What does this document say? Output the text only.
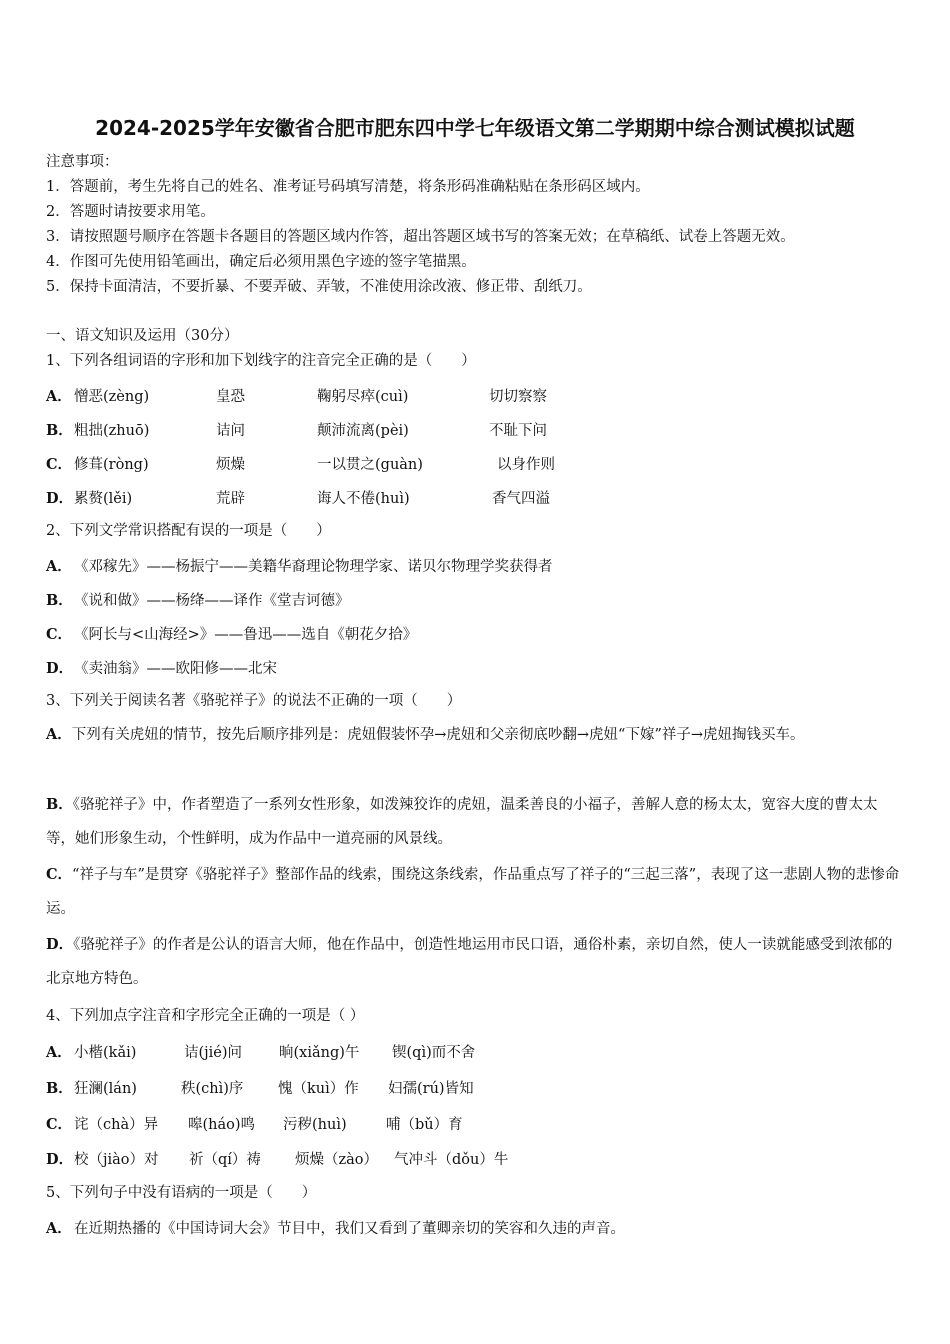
2024-2025学年安徽省合肥市肥东四中学七年级语文第二学期期中综合测试模拟试题
注意事项：
1．答题前，考生先将自己的姓名、准考证号码填写清楚，将条形码准确粘贴在条形码区域内。
2．答题时请按要求用笔。
3．请按照题号顺序在答题卡各题目的答题区域内作答，超出答题区域书写的答案无效；在草稿纸、试卷上答题无效。
4．作图可先使用铅笔画出，确定后必须用黑色字迹的签字笔描黑。
5．保持卡面清洁，不要折暴、不要弄破、弄皱，不准使用涂改液、修正带、刮纸刀。
一、语文知识及运用（30分）
1、下列各组词语的字形和加下划线字的注音完全正确的是（　　）
A． 憎恶(zèng)	皇恐	鞠躬尽瘁(cuì)	切切察察
B． 粗拙(zhuō)	诘问	颠沛流离(pèi)	不耻下问
C． 修葺(ròng)	烦燥	一以贯之(guàn)	以身作则
D． 累赘(lěi)	荒辟	诲人不倦(huì)	香气四溢
2、下列文学常识搭配有误的一项是（　　）
A． 《邓稼先》——杨振宁——美籍华裔理论物理学家、诺贝尔物理学奖获得者
B． 《说和做》——杨绛——译作《堂吉诃德》
C． 《阿长与<山海经>》——鲁迅——选自《朝花夕拾》
D． 《卖油翁》——欧阳修——北宋
3、下列关于阅读名著《骆驼祥子》的说法不正确的一项（　　）
A．下列有关虎妞的情节，按先后顺序排列是：虎妞假装怀孕→虎妞和父亲彻底吵翻→虎妞“下嫁”祥子→虎妞掏钱买车。
B．《骆驼祥子》中，作者塑造了一系列女性形象，如泼辣狡诈的虎妞，温柔善良的小福子，善解人意的杨太太，宽容大度的曹太太等，她们形象生动，个性鲜明，成为作品中一道亮丽的风景线。
C．“祥子与车”是贯穿《骆驼祥子》整部作品的线索，围绕这条线索，作品重点写了祥子的“三起三落”，表现了这一悲剧人物的悲惨命运。
D．《骆驼祥子》的作者是公认的语言大师，他在作品中，创造性地运用市民口语，通俗朴素，亲切自然，使人一读就能感受到浓郁的北京地方特色。
4、下列加点字注音和字形完全正确的一项是（ ）
A． 小楷(kǎi)	诘(jié)问	晌(xiǎng)午 锲(qì)而不舍
B． 狂澜(lán)	秩(chì)序 愧（kuì）作 妇孺(rú)皆知
C． 诧（chà）异 嗥(háo)鸣 污秽(huì)	哺（bǔ）育
D． 校（jiào）对 祈（qí）祷 烦燥（zào） 气冲斗（dǒu）牛
5、下列句子中没有语病的一项是（　　）
A． 在近期热播的《中国诗词大会》节目中，我们又看到了董卿亲切的笑容和久违的声音。
